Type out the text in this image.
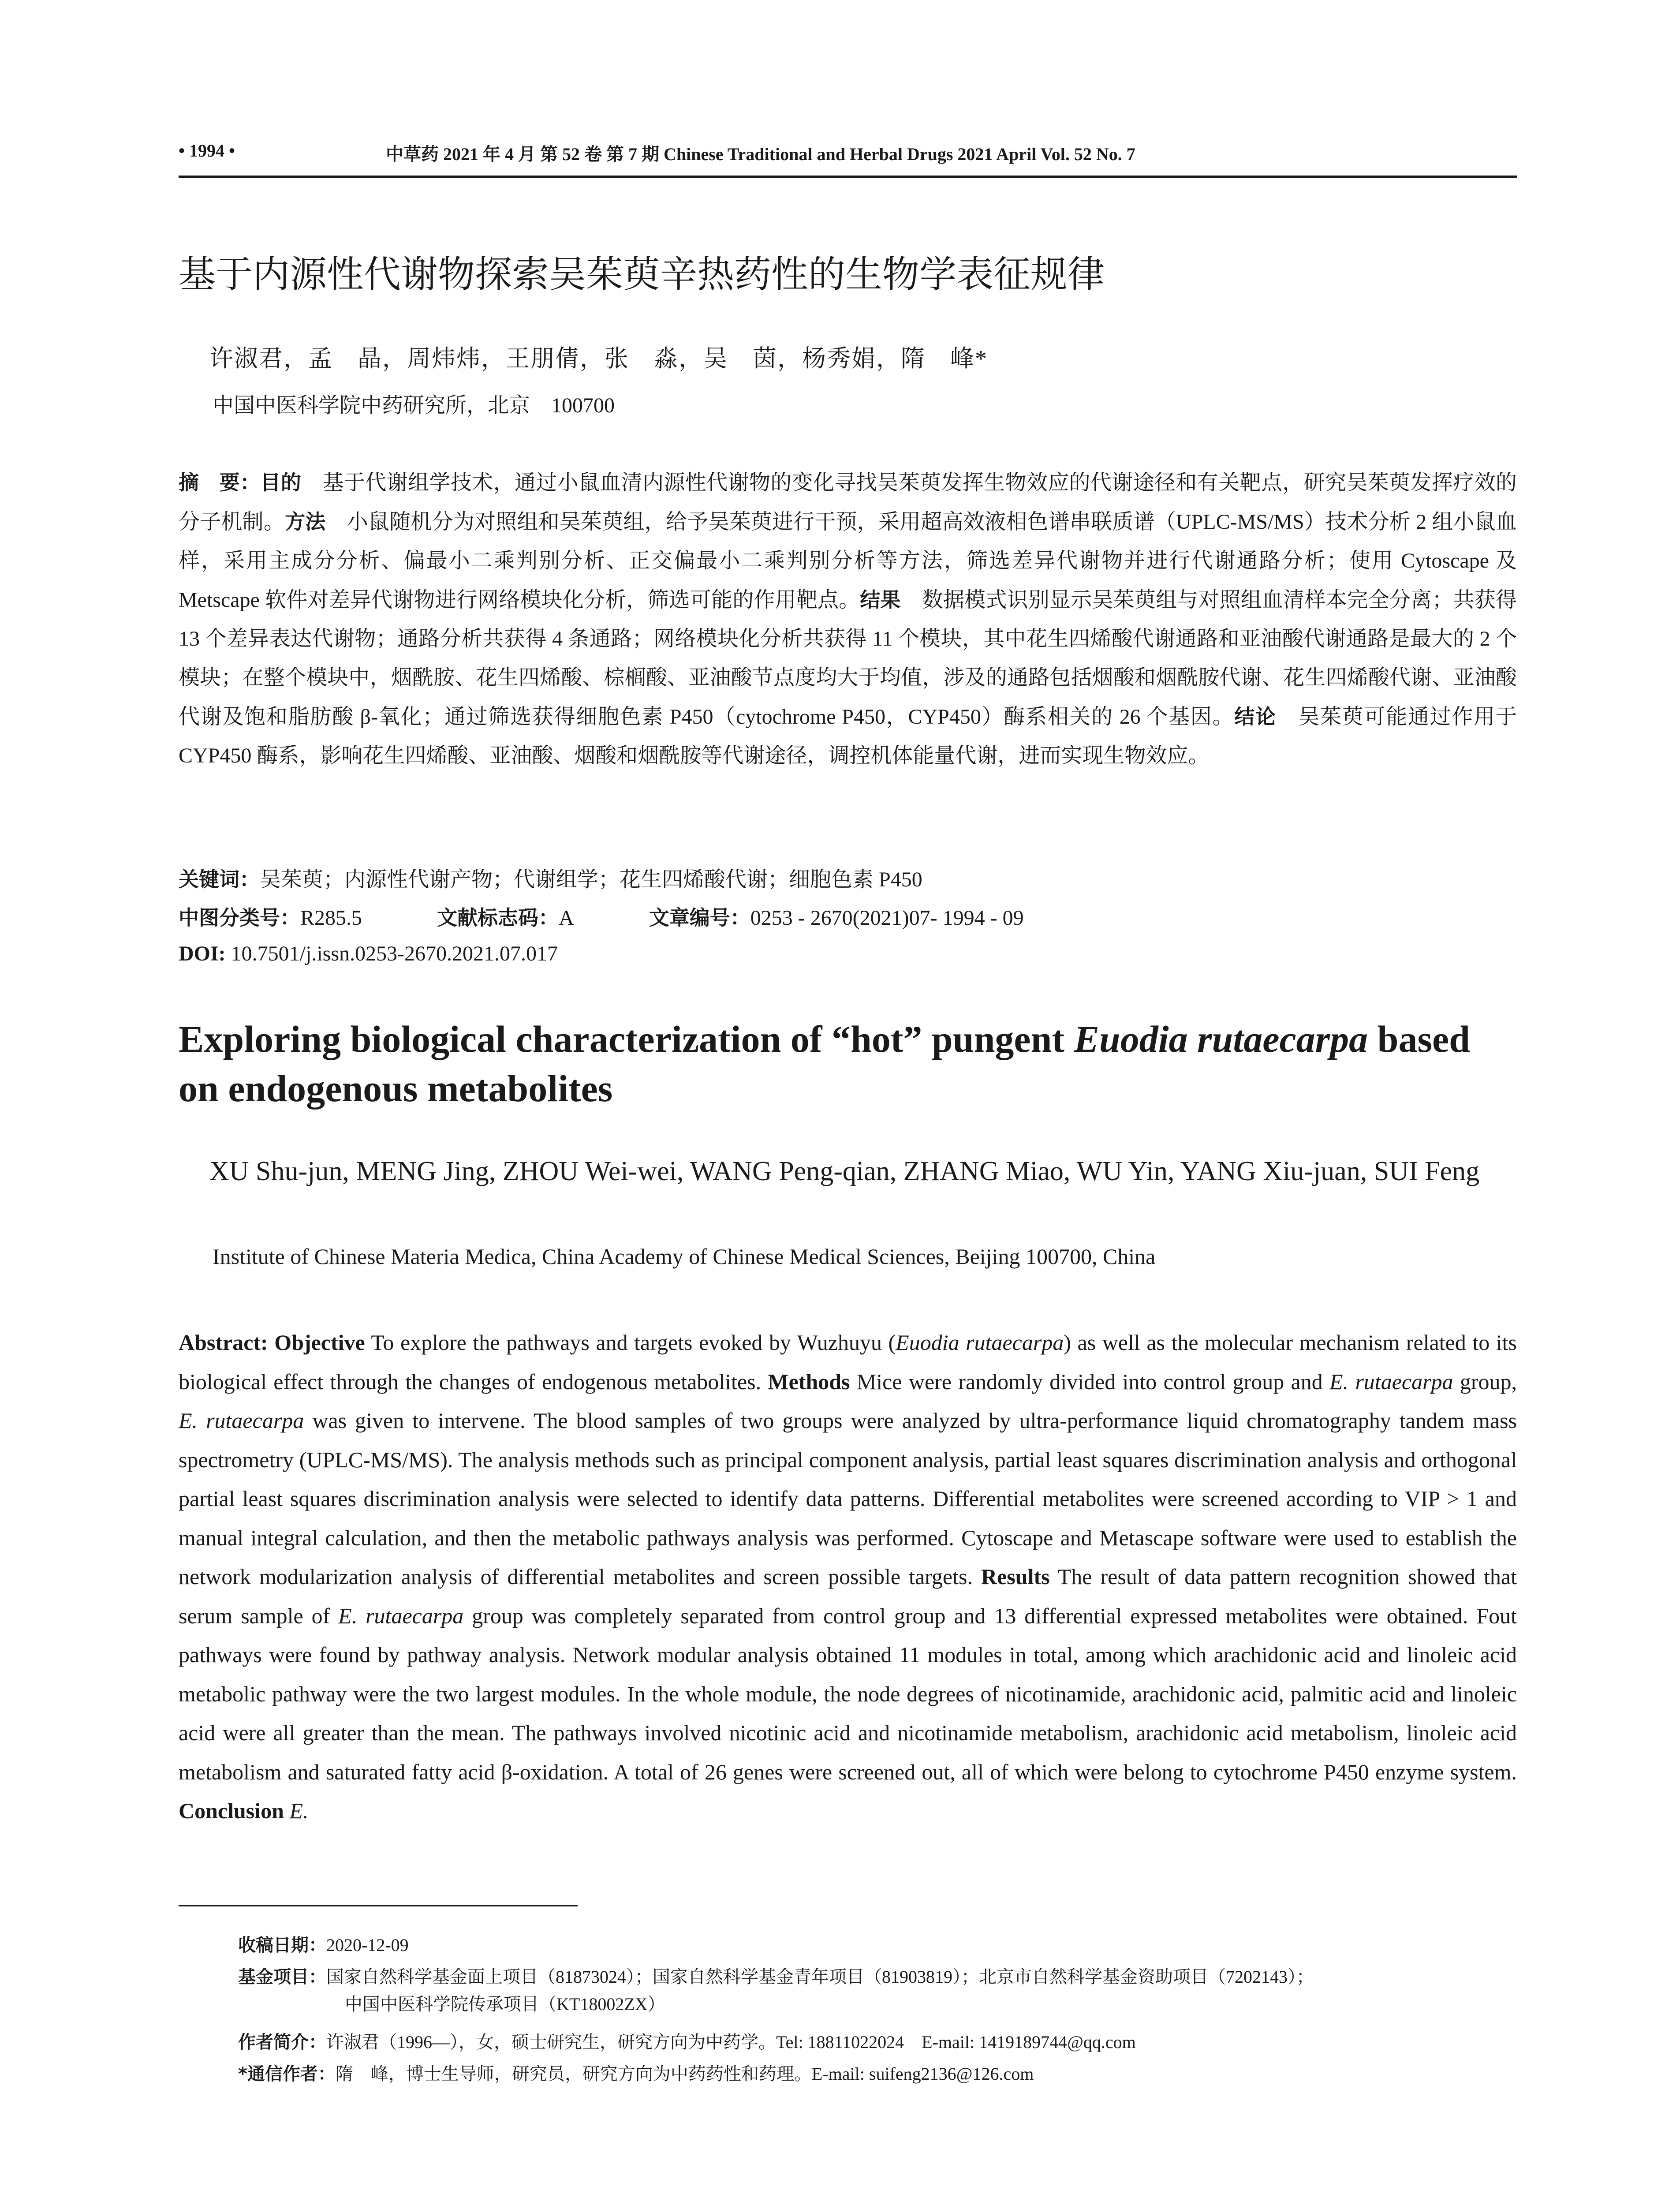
• 1994 •	中草药 2021 年 4 月 第 52 卷 第 7 期 Chinese Traditional and Herbal Drugs 2021 April Vol. 52 No. 7
基于内源性代谢物探索吴茱萸辛热药性的生物学表征规律
许淑君，孟　晶，周炜炜，王朋倩，张　淼，吴　茵，杨秀娟，隋　峰*
中国中医科学院中药研究所，北京　100700
摘　要：目的　基于代谢组学技术，通过小鼠血清内源性代谢物的变化寻找吴茱萸发挥生物效应的代谢途径和有关靶点，研究吴茱萸发挥疗效的分子机制。方法　小鼠随机分为对照组和吴茱萸组，给予吴茱萸进行干预，采用超高效液相色谱串联质谱（UPLC-MS/MS）技术分析 2 组小鼠血样，采用主成分分析、偏最小二乘判别分析、正交偏最小二乘判别分析等方法，筛选差异代谢物并进行代谢通路分析；使用 Cytoscape 及 Metscape 软件对差异代谢物进行网络模块化分析，筛选可能的作用靶点。结果　数据模式识别显示吴茱萸组与对照组血清样本完全分离；共获得 13 个差异表达代谢物；通路分析共获得 4 条通路；网络模块化分析共获得 11 个模块，其中花生四烯酸代谢通路和亚油酸代谢通路是最大的 2 个模块；在整个模块中，烟酰胺、花生四烯酸、棕榈酸、亚油酸节点度均大于均值，涉及的通路包括烟酸和烟酰胺代谢、花生四烯酸代谢、亚油酸代谢及饱和脂肪酸 β-氧化；通过筛选获得细胞色素 P450（cytochrome P450，CYP450）酶系相关的 26 个基因。结论　吴茱萸可能通过作用于 CYP450 酶系，影响花生四烯酸、亚油酸、烟酸和烟酰胺等代谢途径，调控机体能量代谢，进而实现生物效应。
关键词：吴茱萸；内源性代谢产物；代谢组学；花生四烯酸代谢；细胞色素 P450
中图分类号：R285.5	文献标志码：A	文章编号：0253 - 2670(2021)07- 1994 - 09
DOI: 10.7501/j.issn.0253-2670.2021.07.017
Exploring biological characterization of “hot” pungent Euodia rutaecarpa based on endogenous metabolites
XU Shu-jun, MENG Jing, ZHOU Wei-wei, WANG Peng-qian, ZHANG Miao, WU Yin, YANG Xiu-juan, SUI Feng
Institute of Chinese Materia Medica, China Academy of Chinese Medical Sciences, Beijing 100700, China
Abstract: Objective To explore the pathways and targets evoked by Wuzhuyu (Euodia rutaecarpa) as well as the molecular mechanism related to its biological effect through the changes of endogenous metabolites. Methods Mice were randomly divided into control group and E. rutaecarpa group, E. rutaecarpa was given to intervene. The blood samples of two groups were analyzed by ultra-performance liquid chromatography tandem mass spectrometry (UPLC-MS/MS). The analysis methods such as principal component analysis, partial least squares discrimination analysis and orthogonal partial least squares discrimination analysis were selected to identify data patterns. Differential metabolites were screened according to VIP > 1 and manual integral calculation, and then the metabolic pathways analysis was performed. Cytoscape and Metascape software were used to establish the network modularization analysis of differential metabolites and screen possible targets. Results The result of data pattern recognition showed that serum sample of E. rutaecarpa group was completely separated from control group and 13 differential expressed metabolites were obtained. Fout pathways were found by pathway analysis. Network modular analysis obtained 11 modules in total, among which arachidonic acid and linoleic acid metabolic pathway were the two largest modules. In the whole module, the node degrees of nicotinamide, arachidonic acid, palmitic acid and linoleic acid were all greater than the mean. The pathways involved nicotinic acid and nicotinamide metabolism, arachidonic acid metabolism, linoleic acid metabolism and saturated fatty acid β-oxidation. A total of 26 genes were screened out, all of which were belong to cytochrome P450 enzyme system. Conclusion E.
收稿日期：2020-12-09
基金项目：国家自然科学基金面上项目（81873024）；国家自然科学基金青年项目（81903819）；北京市自然科学基金资助项目（7202143）；
中国中医科学院传承项目（KT18002ZX）
作者简介：许淑君（1996—），女，硕士研究生，研究方向为中药学。Tel: 18811022024　E-mail: 1419189744@qq.com
*通信作者：隋　峰，博士生导师，研究员，研究方向为中药药性和药理。E-mail: suifeng2136@126.com
